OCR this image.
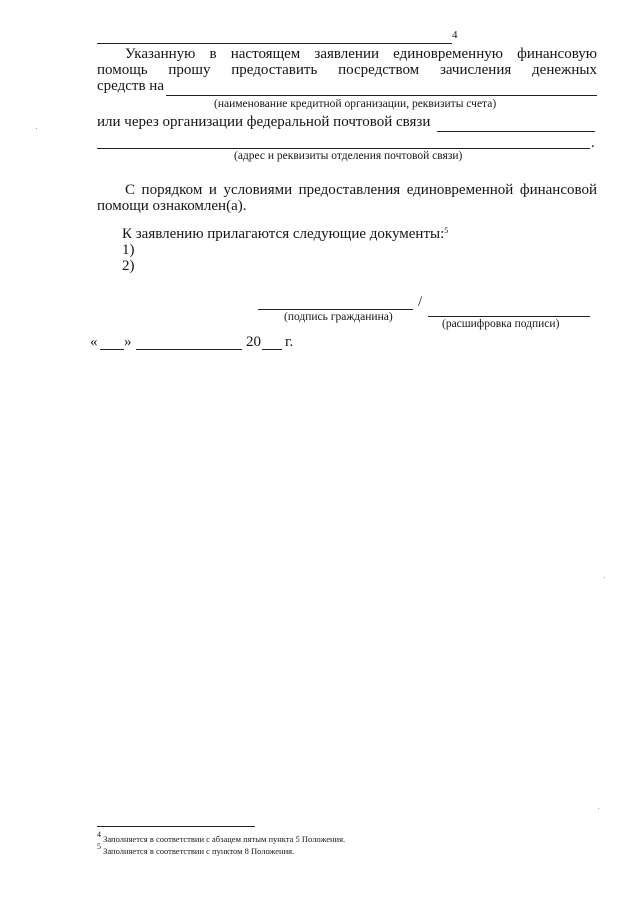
4
Указанную в настоящем заявлении единовременную финансовую
помощь прошу предоставить посредством зачисления денежных
средств на
(наименование кредитной организации, реквизиты счета)
или через организации федеральной почтовой связи
.
(адрес и реквизиты отделения почтовой связи)
С порядком и условиями предоставления единовременной финансовой
помощи ознакомлен(а).
К заявлению прилагаются следующие документы:$^5$
1)
2)
/
(подпись гражданина)
(расшифровка подписи)
« »	20 г.
$^4$ Заполняется в соответствии с абзацем пятым пункта 5 Положения.
$^5$ Заполняется в соответствии с пунктом 8 Положения.
